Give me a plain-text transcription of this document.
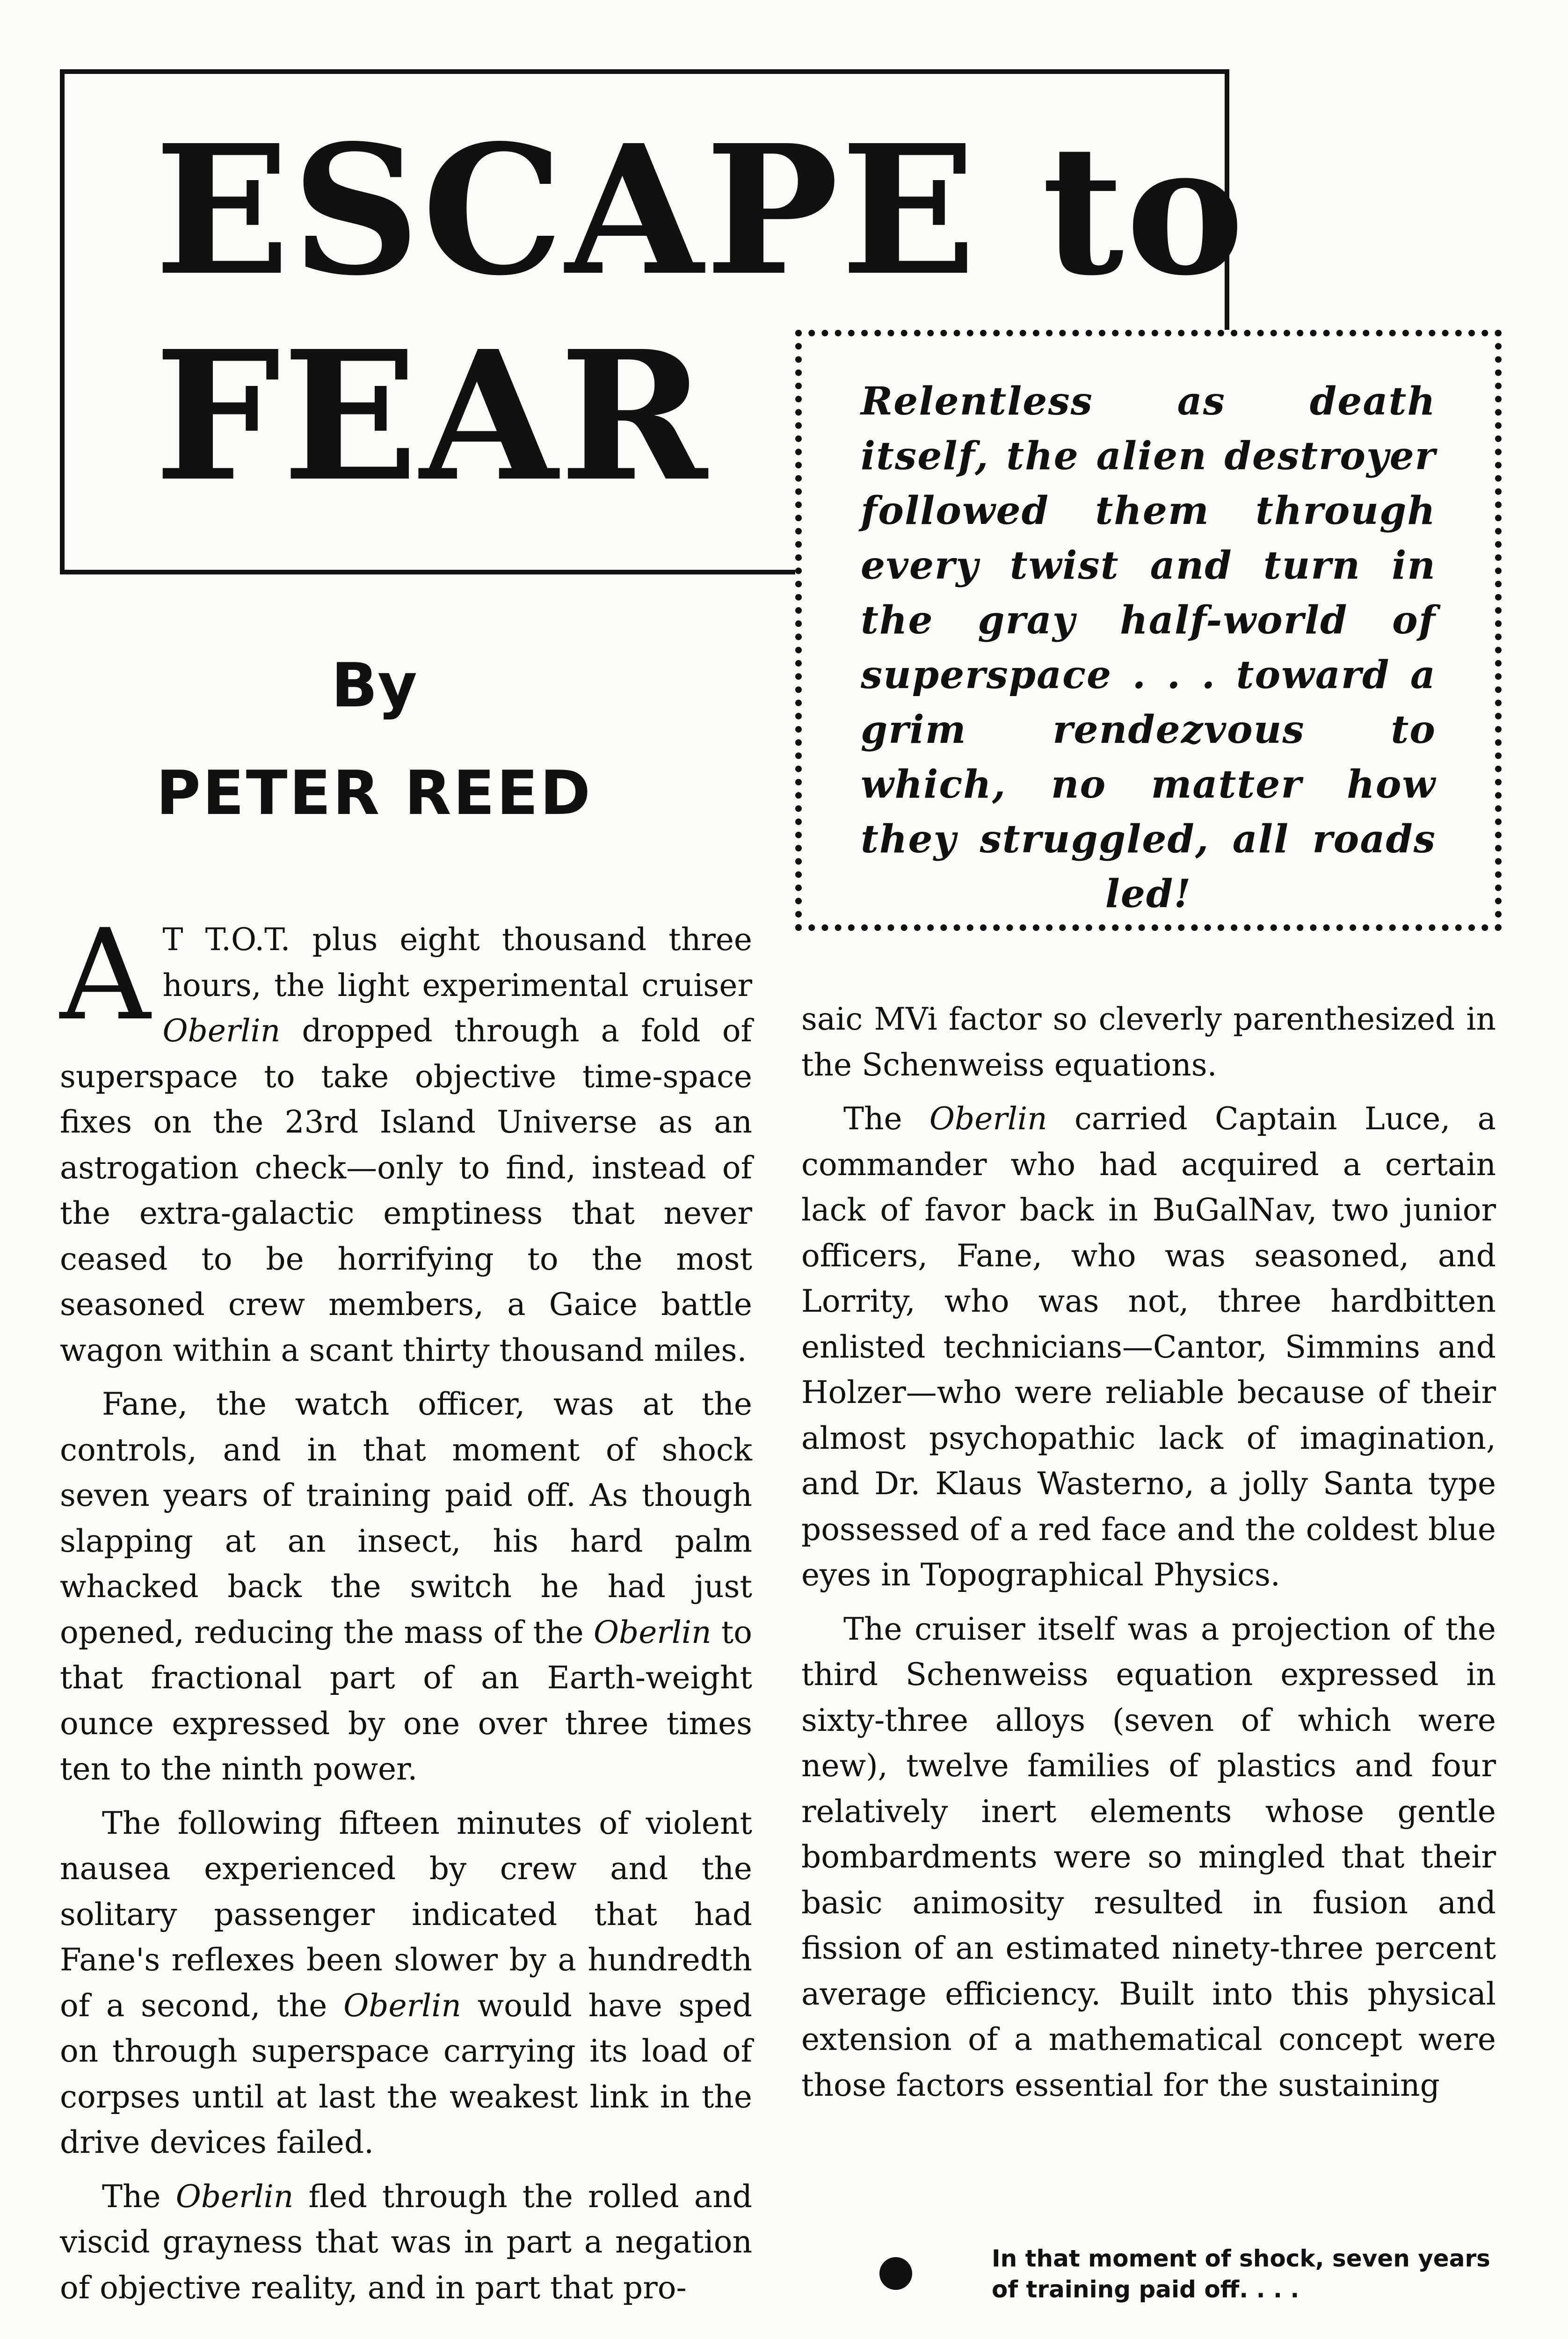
ESCAPE to
FEAR	Relentless as death itself, the alien destroyer followed them through every twist and turn in the gray half-world of superspace . . . toward a grim rendezvous to which, no matter how they struggled, all roads led!
By
PETER REED

A T T.O.T. plus eight thousand three hours, the light experimental cruiser Oberlin dropped through a fold of superspace to take objective time-space fixes on the 23rd Island Universe as an astrogation check—only to find, instead of the extra-galactic emptiness that never ceased to be horrifying to the most seasoned crew members, a Gaice battle wagon within a scant thirty thousand miles.

Fane, the watch officer, was at the controls, and in that moment of shock seven years of training paid off. As though slapping at an insect, his hard palm whacked back the switch he had just opened, reducing the mass of the Oberlin to that fractional part of an Earth-weight ounce expressed by one over three times ten to the ninth power.

The following fifteen minutes of violent nausea experienced by crew and the solitary passenger indicated that had Fane's reflexes been slower by a hundredth of a second, the Oberlin would have sped on through superspace carrying its load of corpses until at last the weakest link in the drive devices failed.

The Oberlin fled through the rolled and viscid grayness that was in part a negation of objective reality, and in part that pro-

saic MVi factor so cleverly parenthesized in the Schenweiss equations.

The Oberlin carried Captain Luce, a commander who had acquired a certain lack of favor back in BuGalNav, two junior officers, Fane, who was seasoned, and Lorrity, who was not, three hardbitten enlisted technicians—Cantor, Simmins and Holzer—who were reliable because of their almost psychopathic lack of imagination, and Dr. Klaus Wasterno, a jolly Santa type possessed of a red face and the coldest blue eyes in Topographical Physics.

The cruiser itself was a projection of the third Schenweiss equation expressed in sixty-three alloys (seven of which were new), twelve families of plastics and four relatively inert elements whose gentle bombardments were so mingled that their basic animosity resulted in fusion and fission of an estimated ninety-three percent average efficiency. Built into this physical extension of a mathematical concept were those factors essential for the sustaining

In that moment of shock, seven years of training paid off. . . .
